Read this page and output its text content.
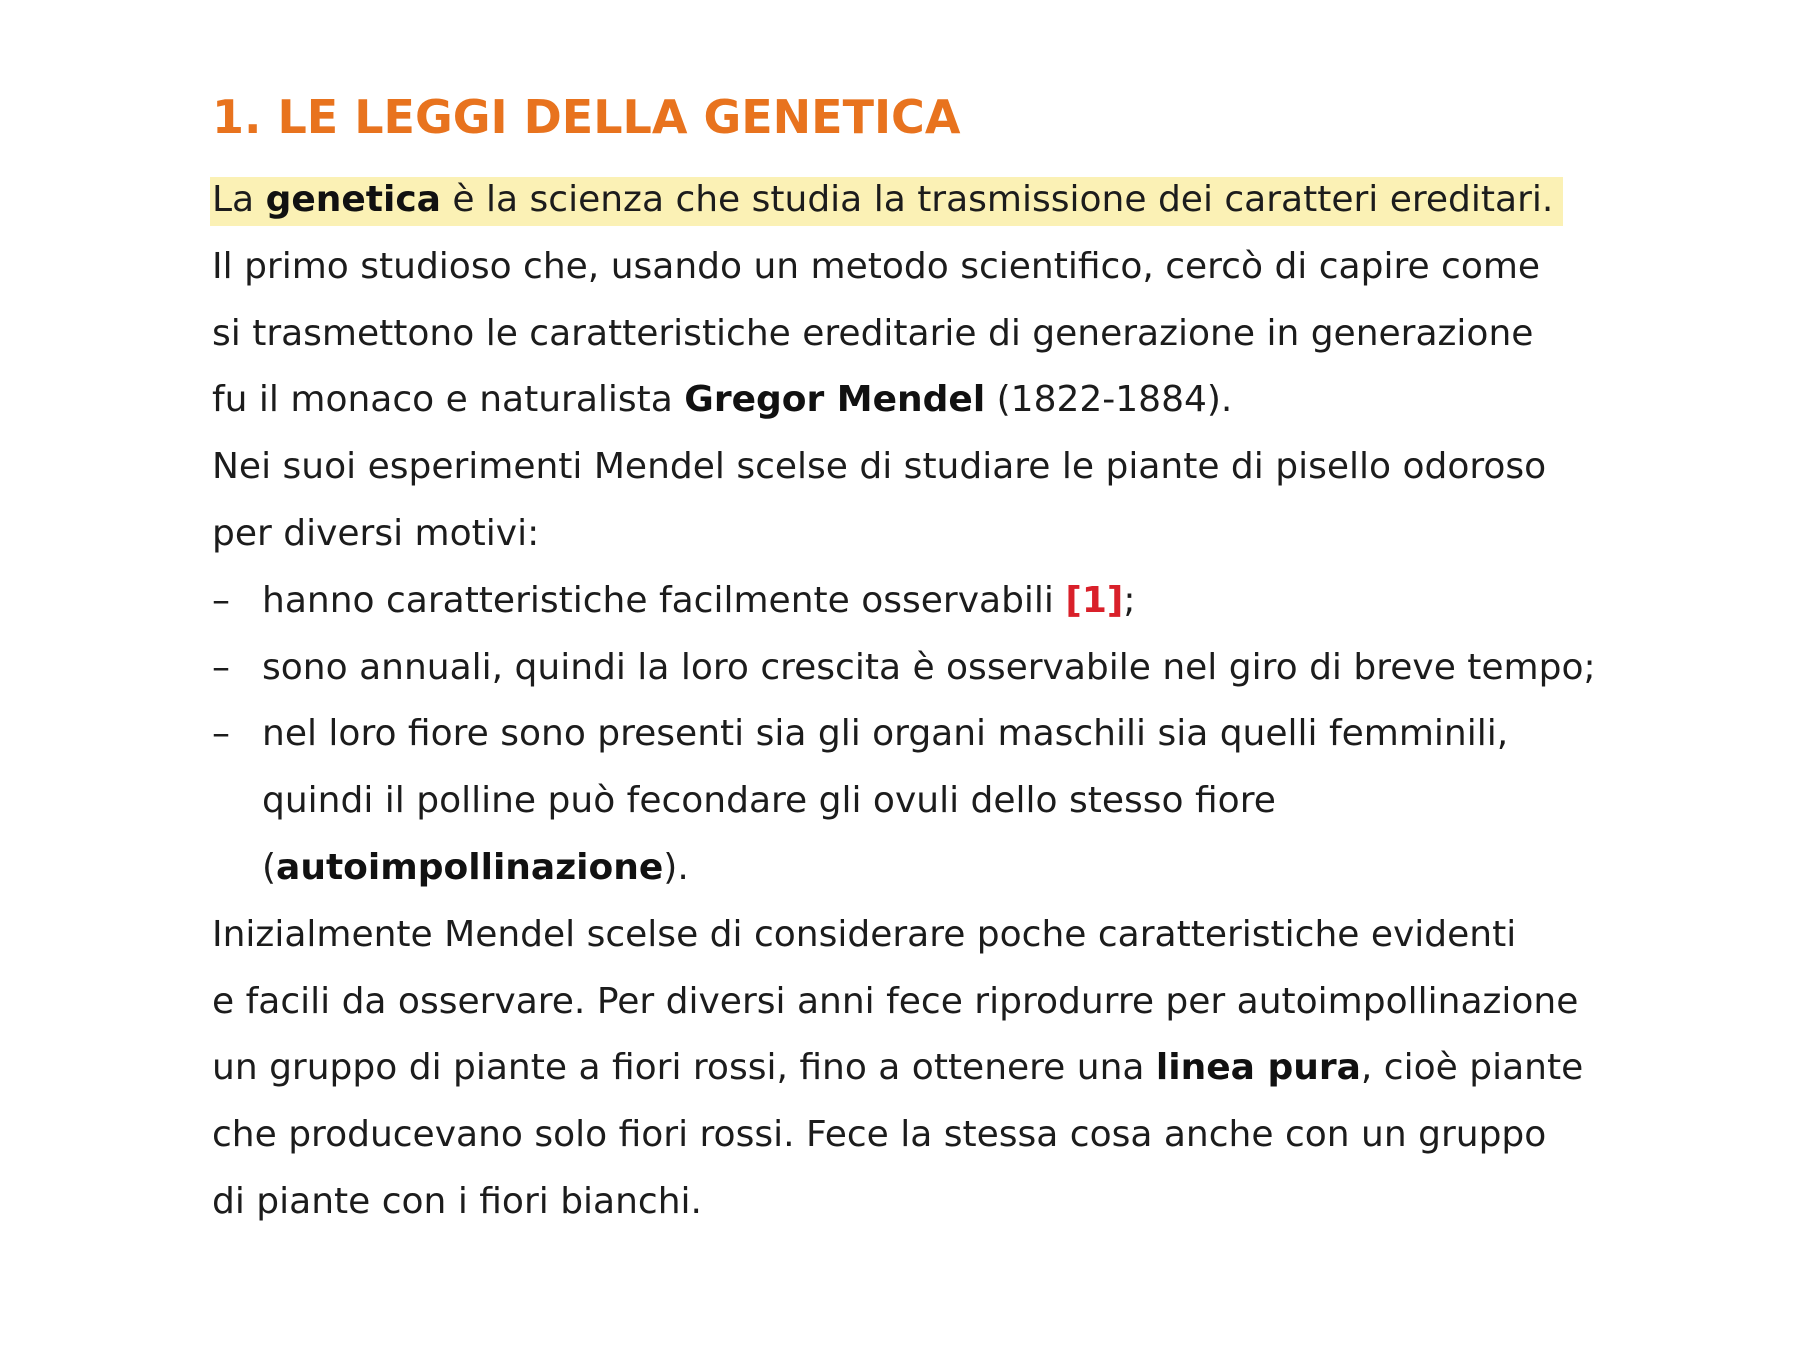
1. LE LEGGI DELLA GENETICA
La genetica è la scienza che studia la trasmissione dei caratteri ereditari.
Il primo studioso che, usando un metodo scientifico, cercò di capire come
si trasmettono le caratteristiche ereditarie di generazione in generazione
fu il monaco e naturalista Gregor Mendel (1822-1884).
Nei suoi esperimenti Mendel scelse di studiare le piante di pisello odoroso
per diversi motivi:
– hanno caratteristiche facilmente osservabili [1];
– sono annuali, quindi la loro crescita è osservabile nel giro di breve tempo;
– nel loro fiore sono presenti sia gli organi maschili sia quelli femminili,
quindi il polline può fecondare gli ovuli dello stesso fiore
(autoimpollinazione).
Inizialmente Mendel scelse di considerare poche caratteristiche evidenti
e facili da osservare. Per diversi anni fece riprodurre per autoimpollinazione
un gruppo di piante a fiori rossi, fino a ottenere una linea pura, cioè piante
che producevano solo fiori rossi. Fece la stessa cosa anche con un gruppo
di piante con i fiori bianchi.
